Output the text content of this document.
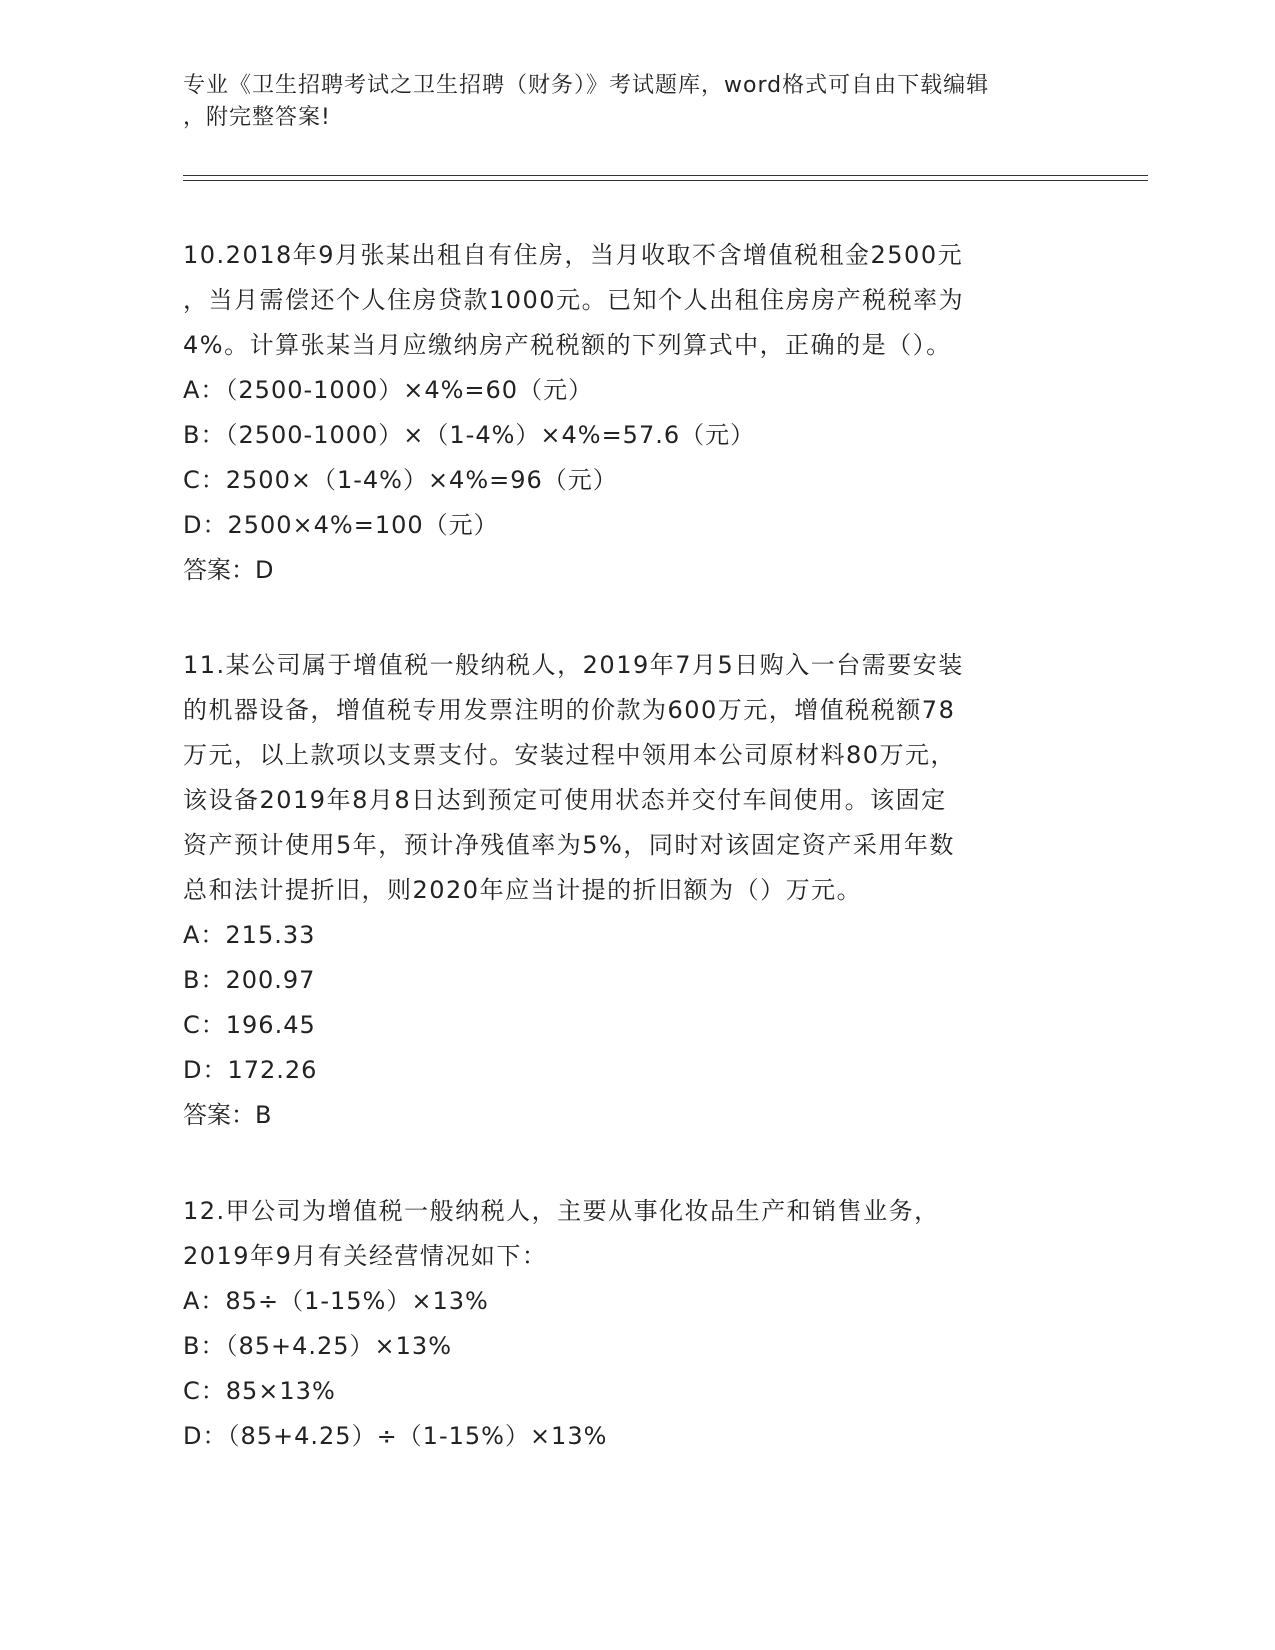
专业《卫生招聘考试之卫生招聘（财务）》考试题库，word格式可自由下载编辑
，附完整答案!

10.2018年9月张某出租自有住房，当月收取不含增值税租金2500元

，当月需偿还个人住房贷款1000元。已知个人出租住房房产税税率为

4%。计算张某当月应缴纳房产税税额的下列算式中，正确的是（）。

A：（2500-1000）×4%=60（元）

B：（2500-1000）×（1-4%）×4%=57.6（元）

C：2500×（1-4%）×4%=96（元）

D：2500×4%=100（元）

答案：D

11.某公司属于增值税一般纳税人，2019年7月5日购入一台需要安装

的机器设备，增值税专用发票注明的价款为600万元，增值税税额78

万元，以上款项以支票支付。安装过程中领用本公司原材料80万元，

该设备2019年8月8日达到预定可使用状态并交付车间使用。该固定

资产预计使用5年，预计净残值率为5%，同时对该固定资产采用年数

总和法计提折旧，则2020年应当计提的折旧额为（）万元。

A：215.33

B：200.97

C：196.45

D：172.26

答案：B

12.甲公司为增值税一般纳税人，主要从事化妆品生产和销售业务，

2019年9月有关经营情况如下：

A：85÷（1-15%）×13%

B：（85+4.25）×13%

C：85×13%

D：（85+4.25）÷（1-15%）×13%
